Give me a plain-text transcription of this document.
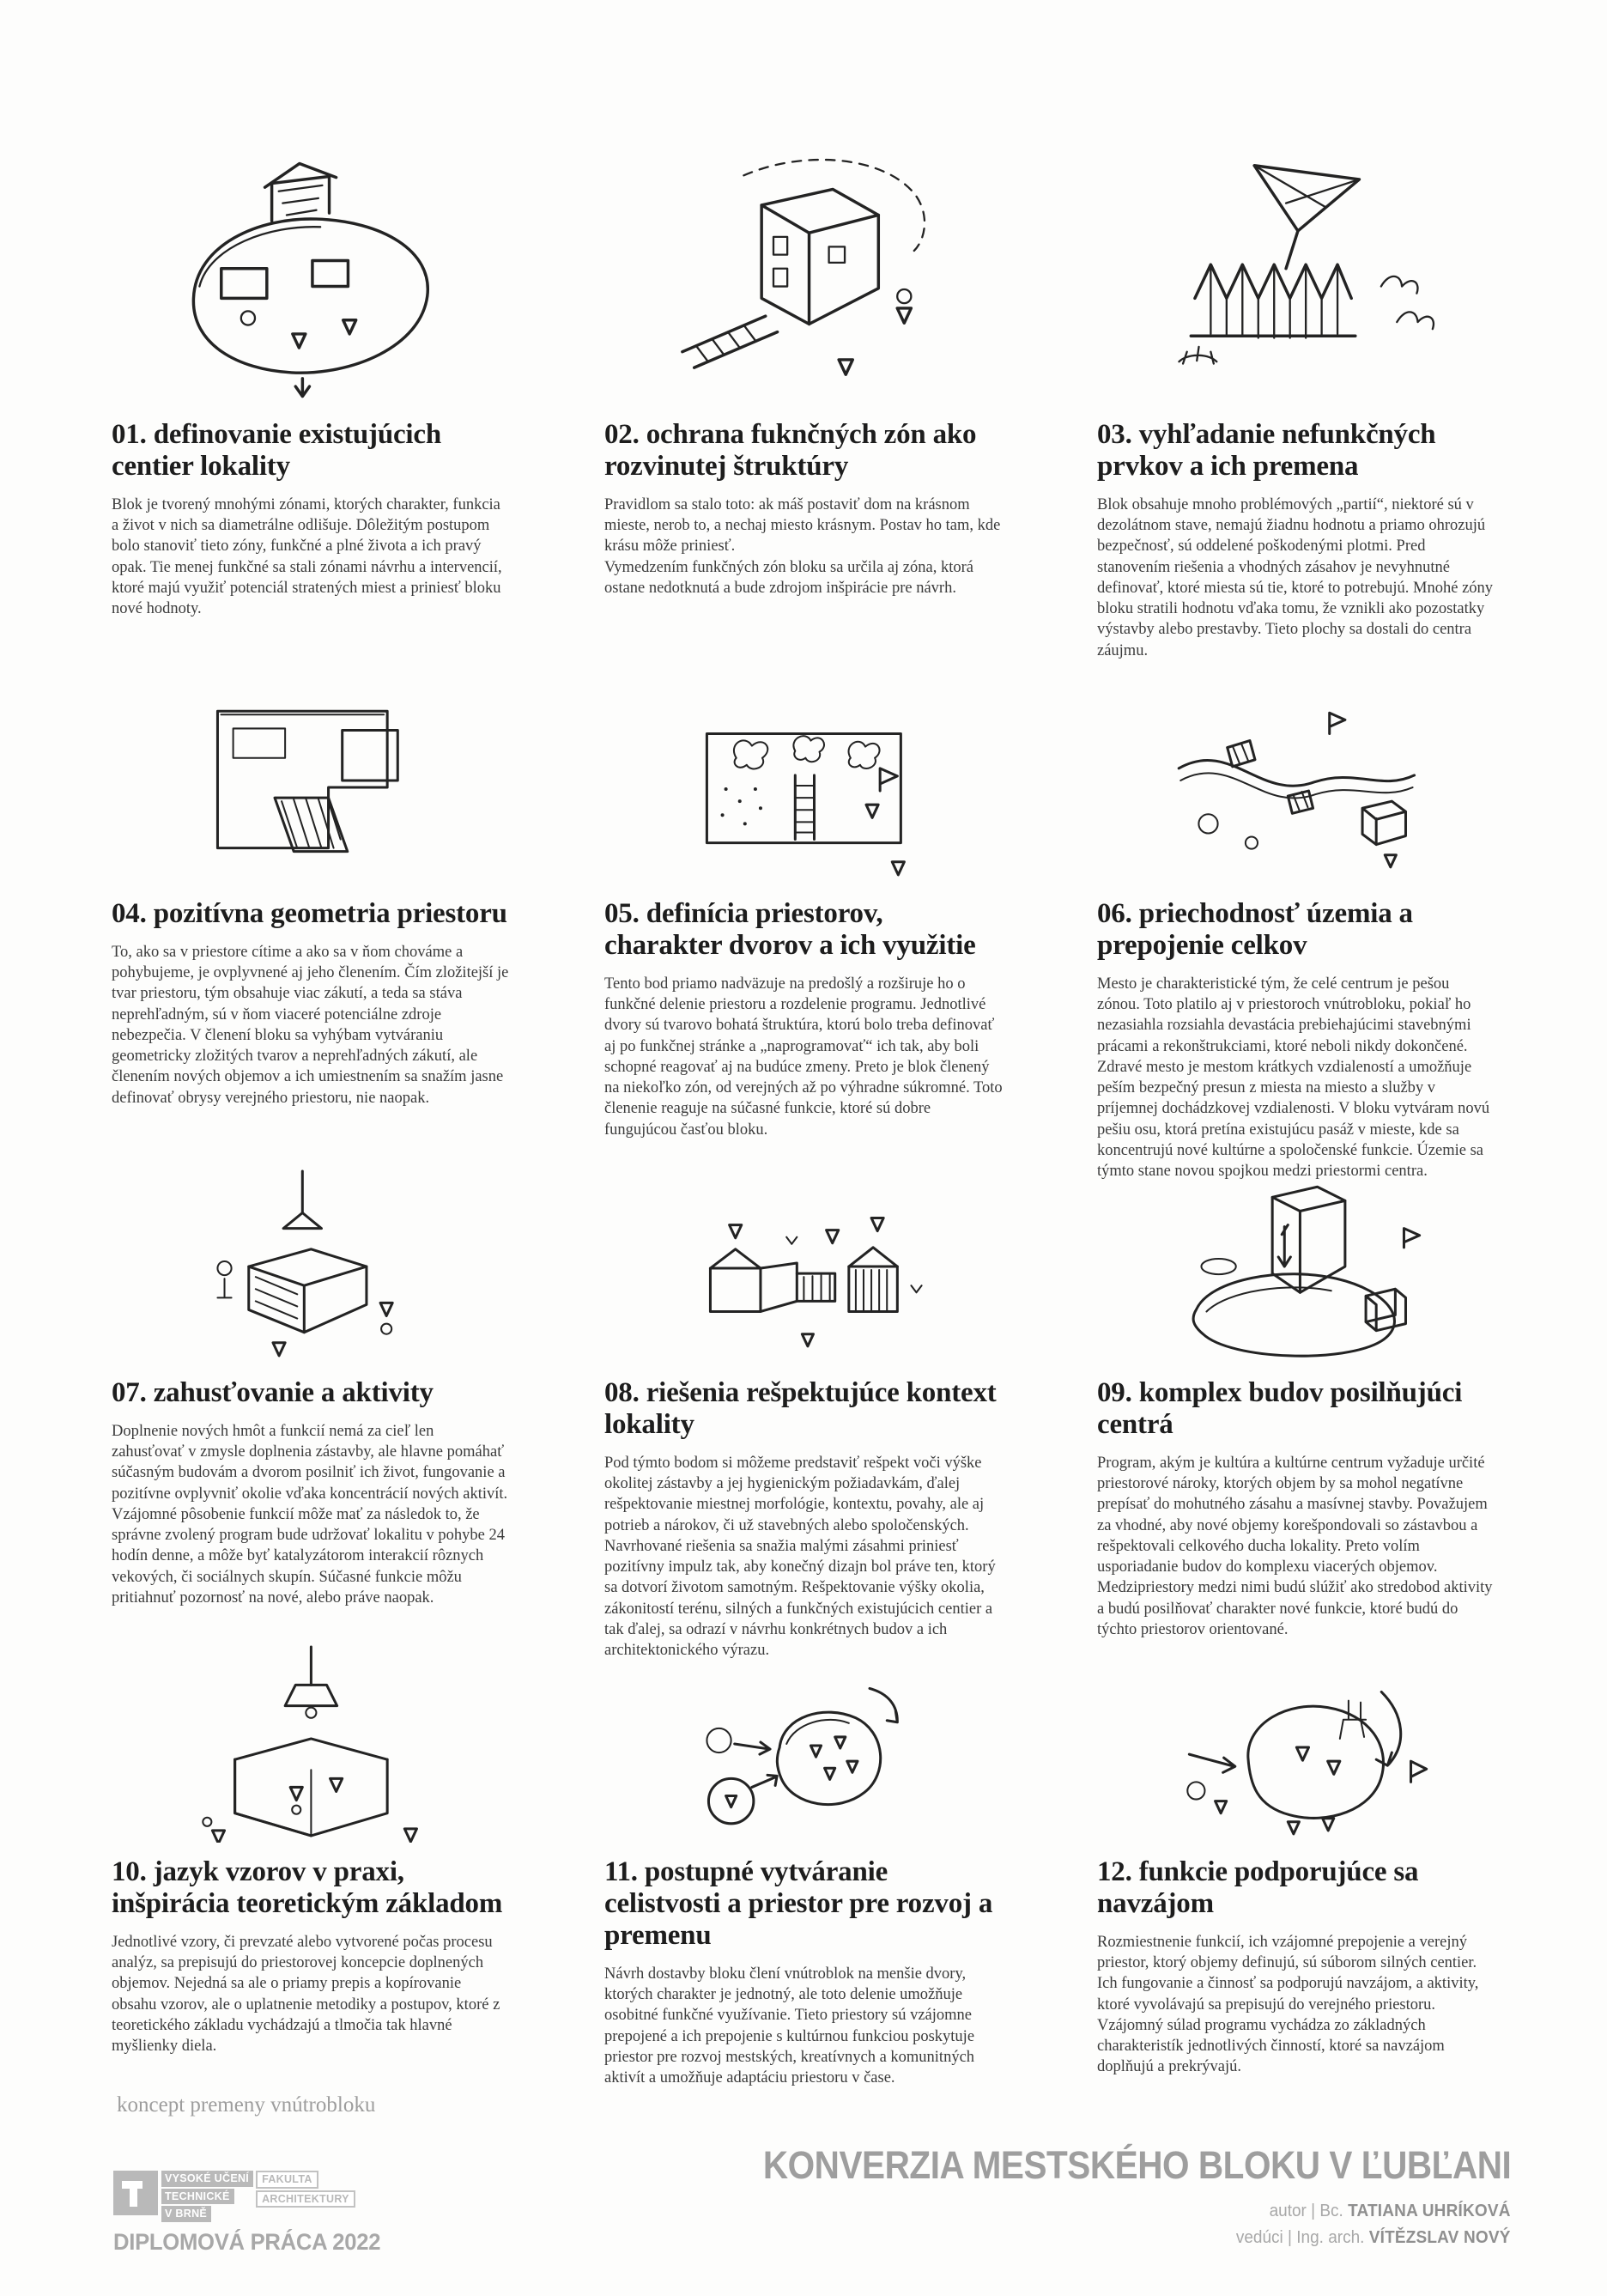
01. definovanie existujúcich centier lokality

Blok je tvorený mnohými zónami, ktorých charakter, funkcia a život v nich sa diametrálne odlišuje. Dôležitým postupom bolo stanoviť tieto zóny, funkčné a plné života a ich pravý opak. Tie menej funkčné sa stali zónami návrhu a intervencií, ktoré majú využiť potenciál stratených miest a priniesť bloku nové hodnoty.

02. ochrana fuknčných zón ako rozvinutej štruktúry

Pravidlom sa stalo toto: ak máš postaviť dom na krásnom mieste, nerob to, a nechaj miesto krásnym. Postav ho tam, kde krásu môže priniesť.
Vymedzením funkčných zón bloku sa určila aj zóna, ktorá ostane nedotknutá a bude zdrojom inšpirácie pre návrh.

03. vyhľadanie nefunkčných prvkov a ich premena

Blok obsahuje mnoho problémových „partií“, niektoré sú v dezolátnom stave, nemajú žiadnu hodnotu a priamo ohrozujú bezpečnosť, sú oddelené poškodenými plotmi. Pred stanovením riešenia a vhodných zásahov je nevyhnutné definovať, ktoré miesta sú tie, ktoré to potrebujú. Mnohé zóny bloku stratili hodnotu vďaka tomu, že vznikli ako pozostatky výstavby alebo prestavby. Tieto plochy sa dostali do centra záujmu.

04. pozitívna geometria priestoru

To, ako sa v priestore cítime a ako sa v ňom chováme a pohybujeme, je ovplyvnené aj jeho členením. Čím zložitejší je tvar priestoru, tým obsahuje viac zákutí, a teda sa stáva neprehľadným, sú v ňom viaceré potenciálne zdroje nebezpečia. V členení bloku sa vyhýbam vytváraniu geometricky zložitých tvarov a neprehľadných zákutí, ale členením nových objemov a ich umiestnením sa snažím jasne definovať obrysy verejného priestoru, nie naopak.

05. definícia priestorov, charakter dvorov a ich využitie

Tento bod priamo nadväzuje na predošlý a rozširuje ho o funkčné delenie priestoru a rozdelenie programu. Jednotlivé dvory sú tvarovo bohatá štruktúra, ktorú bolo treba definovať aj po funkčnej stránke a „naprogramovať“ ich tak, aby boli schopné reagovať aj na budúce zmeny. Preto je blok členený na niekoľko zón, od verejných až po výhradne súkromné. Toto členenie reaguje na súčasné funkcie, ktoré sú dobre fungujúcou časťou bloku.

06. priechodnosť územia a prepojenie celkov

Mesto je charakteristické tým, že celé centrum je pešou zónou. Toto platilo aj v priestoroch vnútrobloku, pokiaľ ho nezasiahla rozsiahla devastácia prebiehajúcimi stavebnými prácami a rekonštrukciami, ktoré neboli nikdy dokončené. Zdravé mesto je mestom krátkych vzdialeností a umožňuje peším bezpečný presun z miesta na miesto a služby v príjemnej dochádzkovej vzdialenosti. V bloku vytváram novú pešiu osu, ktorá pretína existujúcu pasáž v mieste, kde sa koncentrujú nové kultúrne a spoločenské funkcie. Územie sa týmto stane novou spojkou medzi priestormi centra.

07. zahusťovanie a aktivity

Doplnenie nových hmôt a funkcií nemá za cieľ len zahusťovať v zmysle doplnenia zástavby, ale hlavne pomáhať súčasným budovám a dvorom posilniť ich život, fungovanie a pozitívne ovplyvniť okolie vďaka koncentrácií nových aktivít. Vzájomné pôsobenie funkcií môže mať za následok to, že správne zvolený program bude udržovať lokalitu v pohybe 24 hodín denne, a môže byť katalyzátorom interakcií rôznych vekových, či sociálnych skupín. Súčasné funkcie môžu pritiahnuť pozornosť na nové, alebo práve naopak.

08. riešenia rešpektujúce kontext lokality

Pod týmto bodom si môžeme predstaviť rešpekt voči výške okolitej zástavby a jej hygienickým požiadavkám, ďalej rešpektovanie miestnej morfológie, kontextu, povahy, ale aj potrieb a nárokov, či už stavebných alebo spoločenských. Navrhované riešenia sa snažia malými zásahmi priniesť pozitívny impulz tak, aby konečný dizajn bol práve ten, ktorý sa dotvorí životom samotným. Rešpektovanie výšky okolia, zákonitostí terénu, silných a funkčných existujúcich centier a tak ďalej, sa odrazí v návrhu konkrétnych budov a ich architektonického výrazu.

09. komplex budov posilňujúci centrá

Program, akým je kultúra a kultúrne centrum vyžaduje určité priestorové nároky, ktorých objem by sa mohol negatívne prepísať do mohutného zásahu a masívnej stavby. Považujem za vhodné, aby nové objemy korešpondovali so zástavbou a rešpektovali celkového ducha lokality. Preto volím usporiadanie budov do komplexu viacerých objemov. Medzipriestory medzi nimi budú slúžiť ako stredobod aktivity a budú posilňovať charakter nové funkcie, ktoré budú do týchto priestorov orientované.

10. jazyk vzorov v praxi, inšpirácia teoretickým základom

Jednotlivé vzory, či prevzaté alebo vytvorené počas procesu analýz, sa prepisujú do priestorovej koncepcie doplnených objemov. Nejedná sa ale o priamy prepis a kopírovanie obsahu vzorov, ale o uplatnenie metodiky a postupov, ktoré z teoretického základu vychádzajú a tlmočia tak hlavné myšlienky diela.

11. postupné vytváranie celistvosti a priestor pre rozvoj a premenu

Návrh dostavby bloku člení vnútroblok na menšie dvory, ktorých charakter je jednotný, ale toto delenie umožňuje osobitné funkčné využívanie. Tieto priestory sú vzájomne prepojené a ich prepojenie s kultúrnou funkciou poskytuje priestor pre rozvoj mestských, kreatívnych a komunitných aktivít a umožňuje adaptáciu priestoru v čase.

12. funkcie podporujúce sa navzájom

Rozmiestnenie funkcií, ich vzájomné prepojenie a verejný priestor, ktorý objemy definujú, sú súborom silných centier. Ich fungovanie a činnosť sa podporujú navzájom, a aktivity, ktoré vyvolávajú sa prepisujú do verejného priestoru. Vzájomný súlad programu vychádza zo základných charakteristík jednotlivých činností, ktoré sa navzájom doplňujú a prekrývajú.

koncept premeny vnútrobloku
VYSOKÉ UČENÍ
TECHNICKÉ
V BRNĚ
FAKULTA
ARCHITEKTURY
DIPLOMOVÁ PRÁCA 2022
KONVERZIA MESTSKÉHO BLOKU V ĽUBĽANI
autor | Bc. TATIANA UHRÍKOVÁ
vedúci | Ing. arch. VÍTĚZSLAV NOVÝ
